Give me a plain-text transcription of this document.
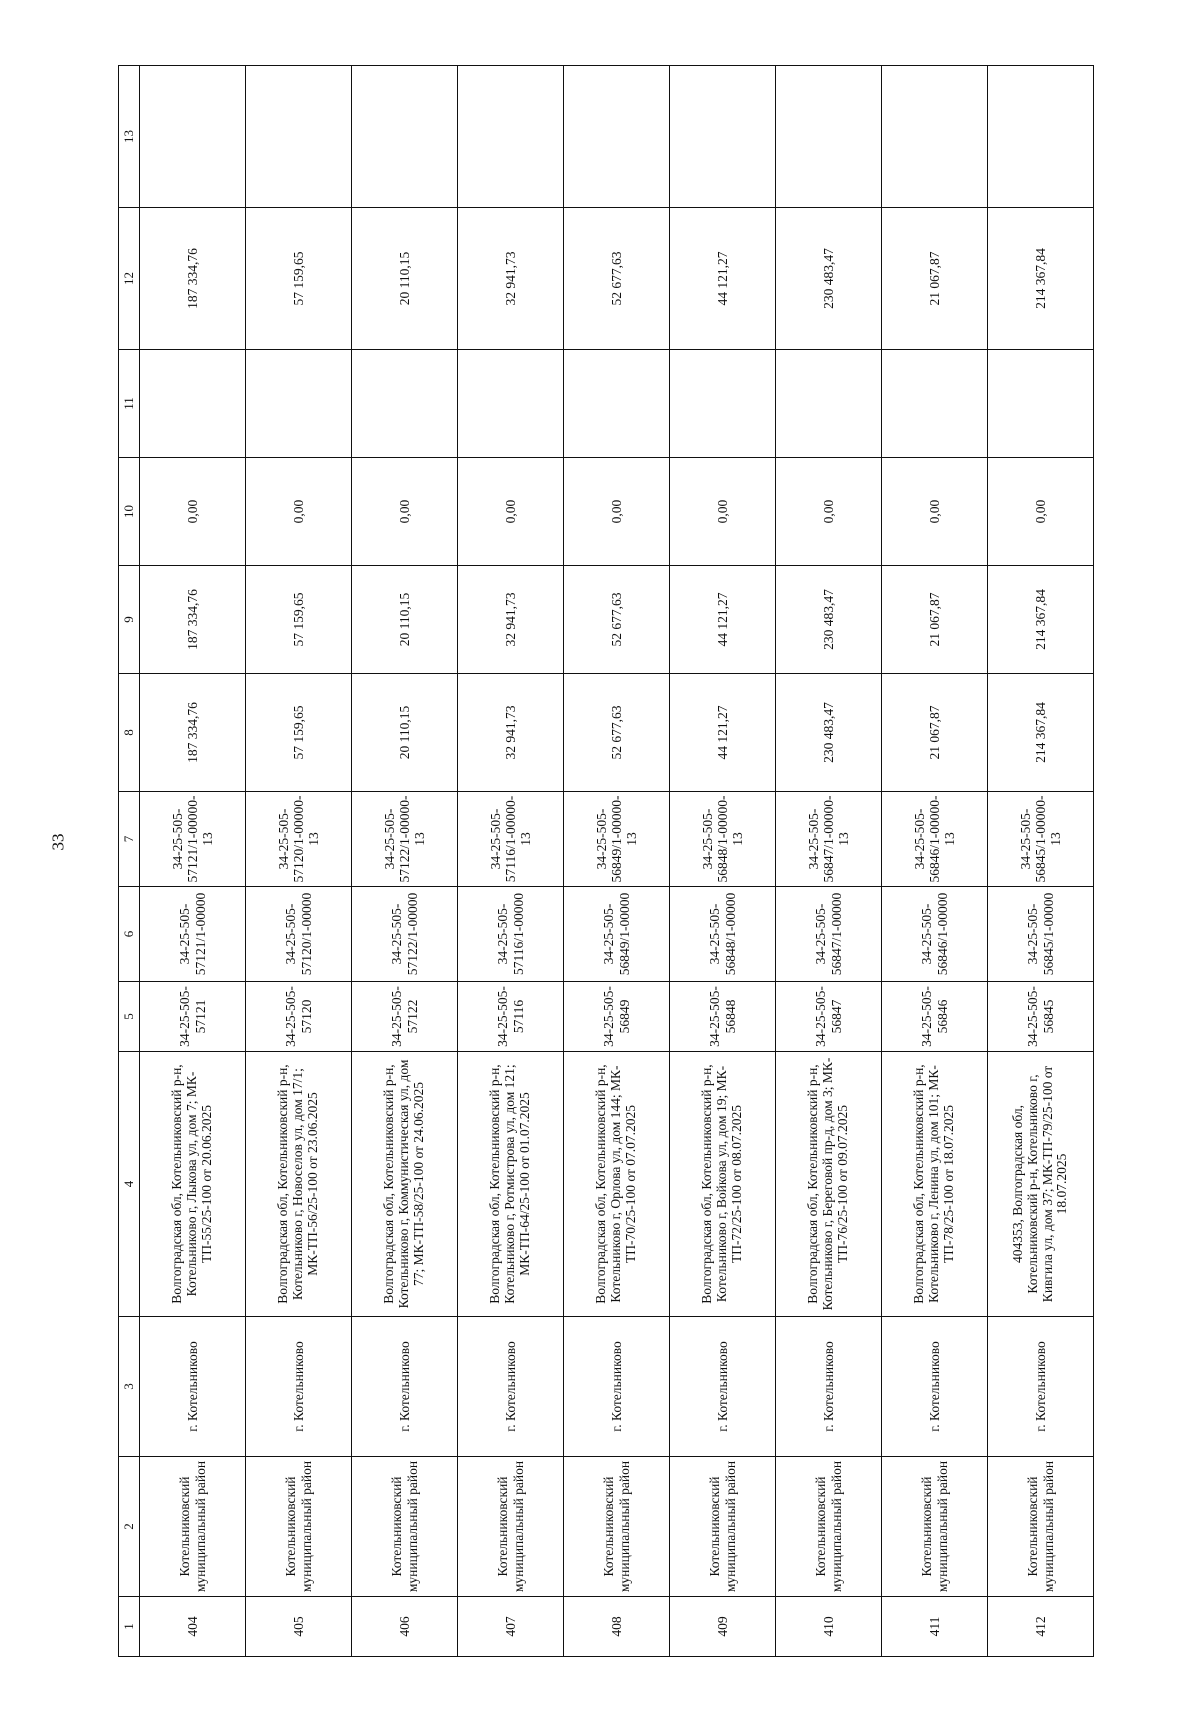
33
1	2	3	4	5	6	7	8	9	10	11	12	13
404	Котельниковский муниципальный район	г. Котельниково	Волгоградская обл, Котельниковский р-н, Котельниково г, Лыкова ул, дом 7; МК-ТП-55/25-100 от 20.06.2025	34-25-505-57121	34-25-505-57121/1-00000	34-25-505-57121/1-00000-13	187 334,76	187 334,76	0,00		187 334,76	
405	Котельниковский муниципальный район	г. Котельниково	Волгоградская обл, Котельниковский р-н, Котельниково г, Новоселов ул, дом 17/1; МК-ТП-56/25-100 от 23.06.2025	34-25-505-57120	34-25-505-57120/1-00000	34-25-505-57120/1-00000-13	57 159,65	57 159,65	0,00		57 159,65	
406	Котельниковский муниципальный район	г. Котельниково	Волгоградская обл, Котельниковский р-н, Котельниково г, Коммунистическая ул, дом 77; МК-ТП-58/25-100 от 24.06.2025	34-25-505-57122	34-25-505-57122/1-00000	34-25-505-57122/1-00000-13	20 110,15	20 110,15	0,00		20 110,15	
407	Котельниковский муниципальный район	г. Котельниково	Волгоградская обл, Котельниковский р-н, Котельниково г, Ротмистрова ул, дом 121; МК-ТП-64/25-100 от 01.07.2025	34-25-505-57116	34-25-505-57116/1-00000	34-25-505-57116/1-00000-13	32 941,73	32 941,73	0,00		32 941,73	
408	Котельниковский муниципальный район	г. Котельниково	Волгоградская обл, Котельниковский р-н, Котельниково г, Орлова ул, дом 144; МК-ТП-70/25-100 от 07.07.2025	34-25-505-56849	34-25-505-56849/1-00000	34-25-505-56849/1-00000-13	52 677,63	52 677,63	0,00		52 677,63	
409	Котельниковский муниципальный район	г. Котельниково	Волгоградская обл, Котельниковский р-н, Котельниково г, Войкова ул, дом 19; МК-ТП-72/25-100 от 08.07.2025	34-25-505-56848	34-25-505-56848/1-00000	34-25-505-56848/1-00000-13	44 121,27	44 121,27	0,00		44 121,27	
410	Котельниковский муниципальный район	г. Котельниково	Волгоградская обл, Котельниковский р-н, Котельниково г, Береговой пр-д, дом 3; МК-ТП-76/25-100 от 09.07.2025	34-25-505-56847	34-25-505-56847/1-00000	34-25-505-56847/1-00000-13	230 483,47	230 483,47	0,00		230 483,47	
411	Котельниковский муниципальный район	г. Котельниково	Волгоградская обл, Котельниковский р-н, Котельниково г, Ленина ул, дом 101; МК-ТП-78/25-100 от 18.07.2025	34-25-505-56846	34-25-505-56846/1-00000	34-25-505-56846/1-00000-13	21 067,87	21 067,87	0,00		21 067,87	
412	Котельниковский муниципальный район	г. Котельниково	404353, Волгоградская обл, Котельниковский р-н, Котельниково г, Кивгила ул, дом 37; МК-ТП-79/25-100 от 18.07.2025	34-25-505-56845	34-25-505-56845/1-00000	34-25-505-56845/1-00000-13	214 367,84	214 367,84	0,00		214 367,84	
